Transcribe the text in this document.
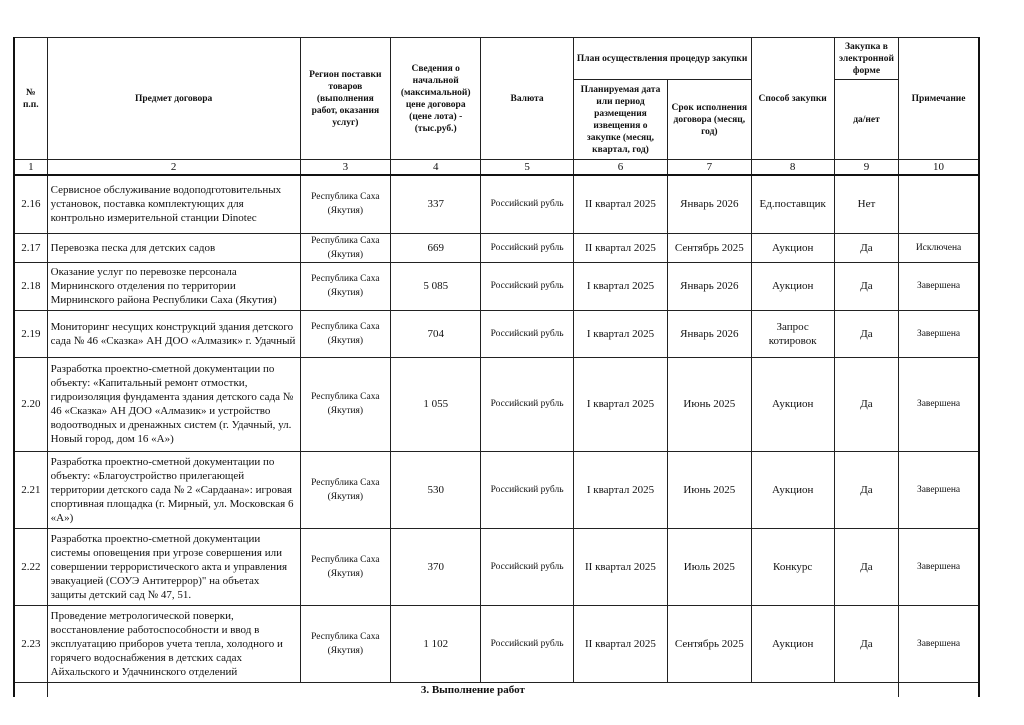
№ п.п.	Предмет договора	Регион поставки товаров (выполнения работ, оказания услуг)	Сведения о начальной (максимальной) цене договора (цене лота) - (тыс.руб.)	Валюта	План осуществления процедур закупки		Способ закупки	Закупка в электронной форме	Примечание
					Планируемая дата или период размещения извещения о закупке (месяц, квартал, год)	Срок исполнения договора (месяц, год)		да/нет	
1	2	3	4	5	6	7	8	9	10
2.16	Сервисное обслуживание водоподготовительных установок, поставка комплектующих для контрольно измерительной станции Dinotec	Республика Саха (Якутия)	337	Российский рубль	II квартал 2025	Январь 2026	Ед.поставщик	Нет	
2.17	Перевозка песка для детских садов	Республика Саха (Якутия)	669	Российский рубль	II квартал 2025	Сентябрь 2025	Аукцион	Да	Исключена
2.18	Оказание услуг по перевозке персонала Мирнинского отделения по территории Мирнинского района Республики Саха (Якутия)	Республика Саха (Якутия)	5 085	Российский рубль	I квартал 2025	Январь 2026	Аукцион	Да	Завершена
2.19	Мониторинг несущих конструкций здания детского сада № 46 «Сказка» АН ДОО «Алмазик» г. Удачный	Республика Саха (Якутия)	704	Российский рубль	I квартал 2025	Январь 2026	Запрос котировок	Да	Завершена
2.20	Разработка проектно-сметной документации по объекту: «Капитальный ремонт отмостки, гидроизоляция фундамента здания детского сада № 46 «Сказка» АН ДОО «Алмазик» и устройство водоотводных и дренажных систем (г. Удачный, ул. Новый город, дом 16 «А»)	Республика Саха (Якутия)	1 055	Российский рубль	I квартал 2025	Июнь 2025	Аукцион	Да	Завершена
2.21	Разработка проектно-сметной документации по объекту: «Благоустройство прилегающей территории детского сада № 2 «Сардаана»: игровая спортивная площадка (г. Мирный, ул. Московская 6 «А»)	Республика Саха (Якутия)	530	Российский рубль	I квартал 2025	Июнь 2025	Аукцион	Да	Завершена
2.22	Разработка проектно-сметной документации системы оповещения при угрозе совершения или совершении террористического акта и управления эвакуацией (СОУЭ Антитеррор)" на объетах защиты детский сад № 47, 51.	Республика Саха (Якутия)	370	Российский рубль	II квартал 2025	Июль 2025	Конкурс	Да	Завершена
2.23	Проведение метрологической поверки, восстановление работоспособности и ввод в эксплуатацию приборов учета тепла, холодного и горячего водоснабжения в детских садах Айхальского и Удачнинского отделений	Республика Саха (Якутия)	1 102	Российский рубль	II квартал 2025	Сентябрь 2025	Аукцион	Да	Завершена
	3. Выполнение работ								
